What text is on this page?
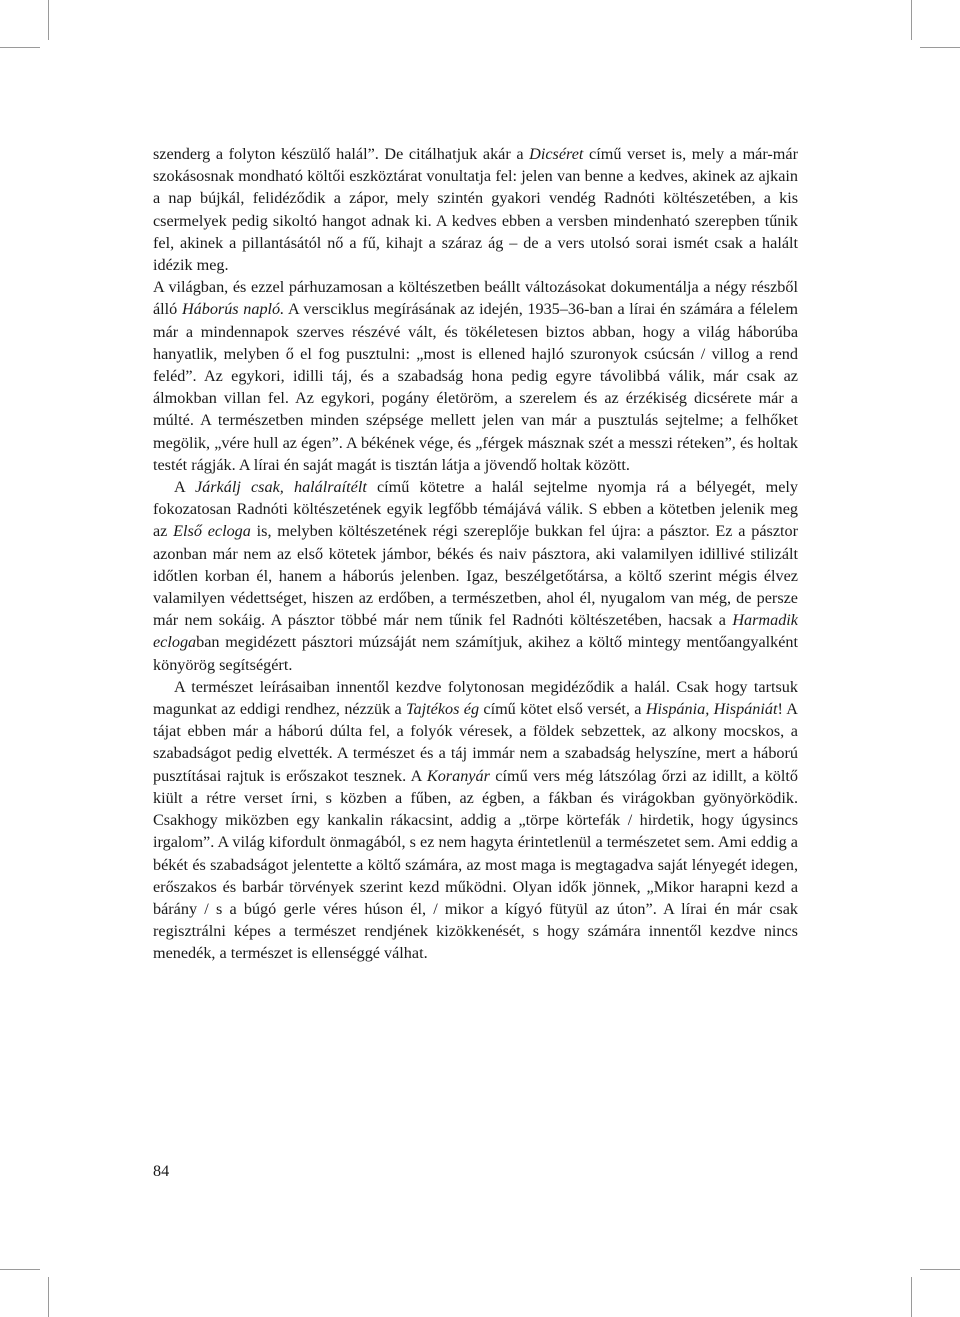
szenderg a folyton készülő halál”. De citálhatjuk akár a Dicséret című verset is, mely a már-már szokásosnak mondható költői eszköztárat vonultatja fel: jelen van benne a kedves, akinek az ajkain a nap bújkál, felidéződik a zápor, mely szintén gyakori vendég Radnóti költészetében, a kis csermelyek pedig sikoltó hangot adnak ki. A kedves ebben a versben mindenható szerepben tűnik fel, akinek a pillantásától nő a fű, kihajt a száraz ág – de a vers utolsó sorai ismét csak a halált idézik meg.

A világban, és ezzel párhuzamosan a költészetben beállt változásokat dokumentálja a négy részből álló Háborús napló. A versciklus megírásának az idején, 1935–36-ban a lírai én számára a félelem már a mindennapok szerves részévé vált, és tökéletesen biztos abban, hogy a világ háborúba hanyatlik, melyben ő el fog pusztulni: „most is ellened hajló szuronyok csúcsán / villog a rend feléd”. Az egykori, idilli táj, és a szabadság hona pedig egyre távolibbá válik, már csak az álmokban villan fel. Az egykori, pogány életöröm, a szerelem és az érzékiség dicsérete már a múlté. A természetben minden szépsége mellett jelen van már a pusztulás sejtelme; a felhőket megölik, „vére hull az égen”. A békének vége, és „férgek másznak szét a messzi réteken”, és holtak testét rágják. A lírai én saját magát is tisztán látja a jövendő holtak között.

A Járkálj csak, halálraítélt című kötetre a halál sejtelme nyomja rá a bélyegét, mely fokozatosan Radnóti költészetének egyik legfőbb témájává válik. S ebben a kötetben jelenik meg az Első ecloga is, melyben költészetének régi szereplője bukkan fel újra: a pásztor. Ez a pásztor azonban már nem az első kötetek jámbor, békés és naiv pásztora, aki valamilyen idillivé stilizált időtlen korban él, hanem a háborús jelenben. Igaz, beszélgetőtársa, a költő szerint mégis élvez valamilyen védettséget, hiszen az erdőben, a természetben, ahol él, nyugalom van még, de persze már nem sokáig. A pásztor többé már nem tűnik fel Radnóti költészetében, hacsak a Harmadik eclogaban megidézett pásztori múzsáját nem számítjuk, akihez a költő mintegy mentőangyalként könyörög segítségért.

A természet leírásaiban innentől kezdve folytonosan megidéződik a halál. Csak hogy tartsuk magunkat az eddigi rendhez, nézzük a Tajtékos ég című kötet első versét, a Hispánia, Hispániát! A tájat ebben már a háború dúlta fel, a folyók véresek, a földek sebzettek, az alkony mocskos, a szabadságot pedig elvették. A természet és a táj immár nem a szabadság helyszíne, mert a háború pusztításai rajtuk is erőszakot tesznek. A Koranyár című vers még látszólag őrzi az idillt, a költő kiült a rétre verset írni, s közben a fűben, az égben, a fákban és virágokban gyönyörködik. Csakhogy miközben egy kankalin rákacsint, addig a „törpe körtefák / hirdetik, hogy úgysincs irgalom”. A világ kifordult önmagából, s ez nem hagyta érintetlenül a természetet sem. Ami eddig a békét és szabadságot jelentette a költő számára, az most maga is megtagadva saját lényegét idegen, erőszakos és barbár törvények szerint kezd működni. Olyan idők jönnek, „Mikor harapni kezd a bárány / s a búgó gerle véres húson él, / mikor a kígyó fütyül az úton”. A lírai én már csak regisztrálni képes a természet rendjének kizökkenését, s hogy számára innentől kezdve nincs menedék, a természet is ellenséggé válhat.

84
